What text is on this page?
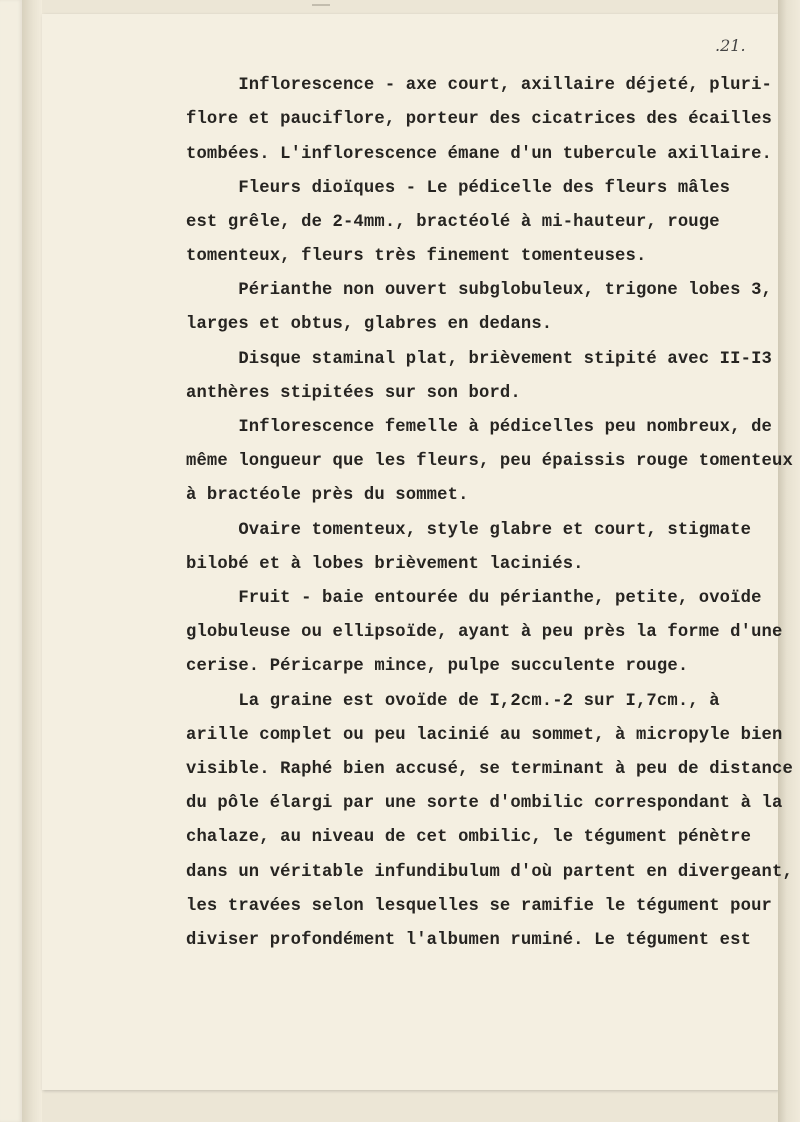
.21.
Inflorescence - axe court, axillaire déjeté, pluri-
flore et pauciflore, porteur des cicatrices des écailles
tombées. L'inflorescence émane d'un tubercule axillaire.
Fleurs dioïques - Le pédicelle des fleurs mâles
est grêle, de 2-4mm., bractéolé à mi-hauteur, rouge
tomenteux, fleurs très finement tomenteuses.
Périanthe non ouvert subglobuleux, trigone lobes 3,
larges et obtus, glabres en dedans.
Disque staminal plat, brièvement stipité avec II-I3
anthères stipitées sur son bord.
Inflorescence femelle à pédicelles peu nombreux, de
même longueur que les fleurs, peu épaissis rouge tomenteux
à bractéole près du sommet.
Ovaire tomenteux, style glabre et court, stigmate
bilobé et à lobes brièvement laciniés.
Fruit - baie entourée du périanthe, petite, ovoïde
globuleuse ou ellipsoïde, ayant à peu près la forme d'une
cerise. Péricarpe mince, pulpe succulente rouge.
La graine est ovoïde de I,2cm.-2 sur I,7cm., à
arille complet ou peu lacinié au sommet, à micropyle bien
visible. Raphé bien accusé, se terminant à peu de distance
du pôle élargi par une sorte d'ombilic correspondant à la
chalaze, au niveau de cet ombilic, le tégument pénètre
dans un véritable infundibulum d'où partent en divergeant,
les travées selon lesquelles se ramifie le tégument pour
diviser profondément l'albumen ruminé. Le tégument est
